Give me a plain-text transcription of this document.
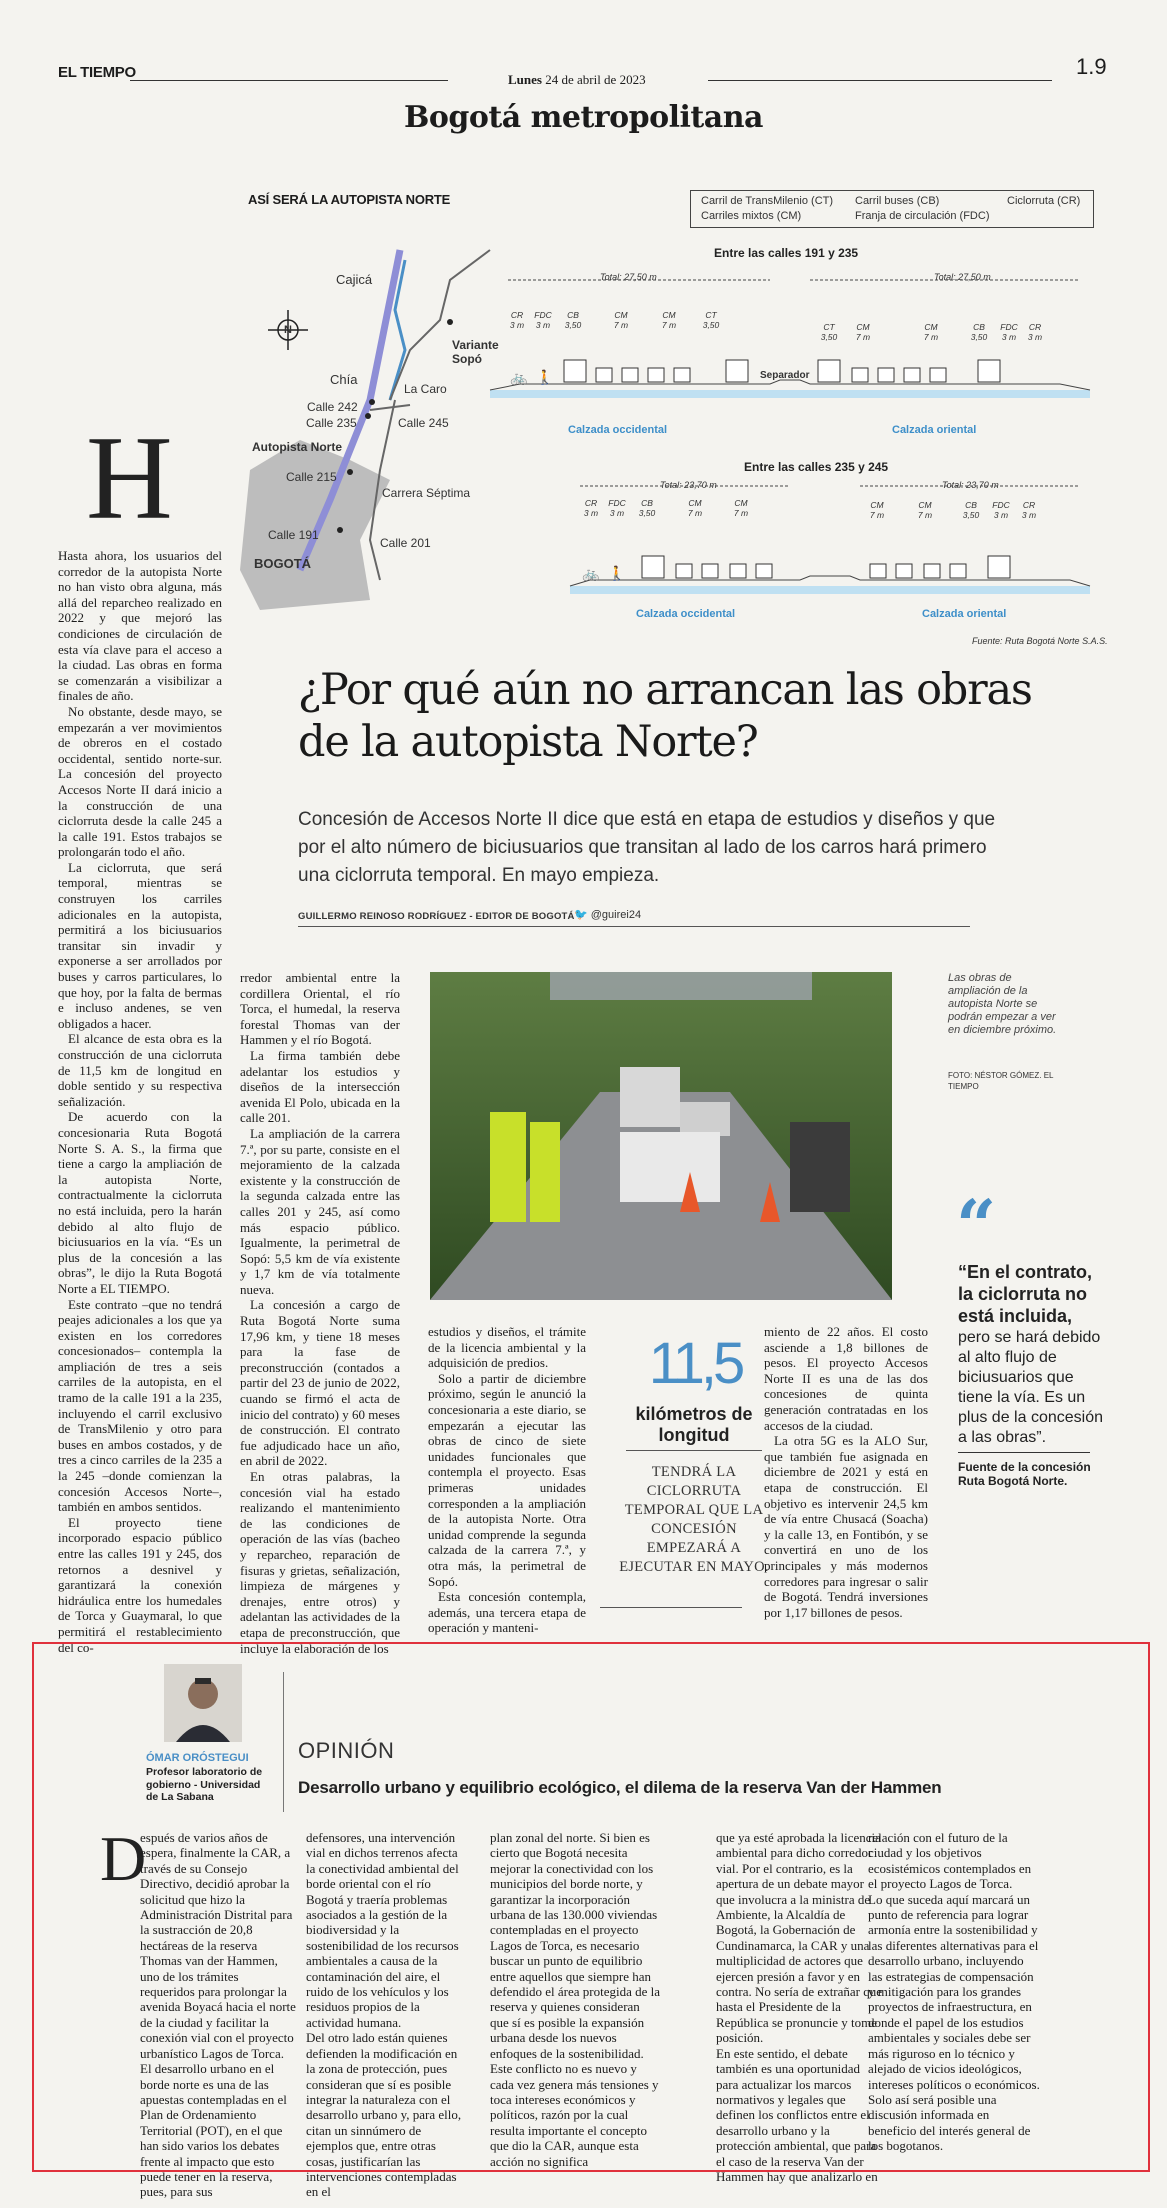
EL TIEMPO	Lunes 24 de abril de 2023
1.9
Bogotá metropolitana
ASÍ SERÁ LA AUTOPISTA NORTE	Carril de TransMilenio (CT)
Carriles mixtos (CM)
Carril buses (CB)
Franja de circulación (FDC)
Ciclorruta (CR)
N
Cajicá
Variante
Sopó
Chía
La Caro
Calle 242
Calle 235	Calle 245
Autopista Norte
Calle 215
Carrera Séptima
Calle 191
Calle 201
BOGOTÁ
Entre las calles 191 y 235
Total: 27,50 m	Total: 27,50 m
🚲 🚶
CR
3 m
FDC
3 m
CB
3,50
CM
7 m
CM
7 m
CT
3,50	CT
3,50
CM
7 m
CM
7 m
CB
3,50
FDC
3 m
CR
3 m
Separador
Calzada occidental	Calzada oriental
Entre las calles 235 y 245
Total: 23,70 m	Total: 23,70 m
🚲 🚶
CR
3 m
FDC
3 m
CB
3,50
CM
7 m
CM
7 m
CM
7 m
CM
7 m
CB
3,50
FDC
3 m
CR
3 m
Calzada occidental	Calzada oriental
Fuente: Ruta Bogotá Norte S.A.S.
H
¿Por qué aún no arrancan las obras de la autopista Norte?
Concesión de Accesos Norte II dice que está en etapa de estudios y diseños y que por el alto número de biciusuarios que transitan al lado de los carros hará primero una ciclorruta temporal. En mayo empieza.
GUILLERMO REINOSO RODRÍGUEZ - EDITOR DE BOGOTÁ 🐦 @guirei24

Hasta ahora, los usuarios del corredor de la autopista Norte no han visto obra alguna, más allá del reparcheo realizado en 2022 y que mejoró las condiciones de circulación de esta vía clave para el acceso a la ciudad. Las obras en forma se comenzarán a visibilizar a finales de año.

No obstante, desde mayo, se empezarán a ver movimientos de obreros en el costado occidental, sentido norte-sur. La concesión del proyecto Accesos Norte II dará inicio a la construcción de una ciclorruta desde la calle 245 a la calle 191. Estos trabajos se prolongarán todo el año.

La ciclorruta, que será temporal, mientras se construyen los carriles adicionales en la autopista, permitirá a los biciusuarios transitar sin invadir y exponerse a ser arrollados por buses y carros particulares, lo que hoy, por la falta de bermas e incluso andenes, se ven obligados a hacer.

El alcance de esta obra es la construcción de una ciclorruta de 11,5 km de longitud en doble sentido y su respectiva señalización.

De acuerdo con la concesionaria Ruta Bogotá Norte S. A. S., la firma que tiene a cargo la ampliación de la autopista Norte, contractualmente la ciclorruta no está incluida, pero la harán debido al alto flujo de biciusuarios en la vía. “Es un plus de la concesión a las obras”, le dijo la Ruta Bogotá Norte a EL TIEMPO.

Este contrato –que no tendrá peajes adicionales a los que ya existen en los corredores concesionados– contempla la ampliación de tres a seis carriles de la autopista, en el tramo de la calle 191 a la 235, incluyendo el carril exclusivo de TransMilenio y otro para buses en ambos costados, y de tres a cinco carriles de la 235 a la 245 –donde comienzan la concesión Accesos Norte–, también en ambos sentidos.

El proyecto tiene incorporado espacio público entre las calles 191 y 245, dos retornos a desnivel y garantizará la conexión hidráulica entre los humedales de Torca y Guaymaral, lo que permitirá el restablecimiento del co-

rredor ambiental entre la cordillera Oriental, el río Torca, el humedal, la reserva forestal Thomas van der Hammen y el río Bogotá.

La firma también debe adelantar los estudios y diseños de la intersección avenida El Polo, ubicada en la calle 201.

La ampliación de la carrera 7.ª, por su parte, consiste en el mejoramiento de la calzada existente y la construcción de la segunda calzada entre las calles 201 y 245, así como más espacio público. Igualmente, la perimetral de Sopó: 5,5 km de vía existente y 1,7 km de vía totalmente nueva.

La concesión a cargo de Ruta Bogotá Norte suma 17,96 km, y tiene 18 meses para la fase de preconstrucción (contados a partir del 23 de junio de 2022, cuando se firmó el acta de inicio del contrato) y 60 meses de construcción. El contrato fue adjudicado hace un año, en abril de 2022.

En otras palabras, la concesión vial ha estado realizando el mantenimiento de las condiciones de operación de las vías (bacheo y reparcheo, reparación de fisuras y grietas, señalización, limpieza de márgenes y drenajes, entre otros) y adelantan las actividades de la etapa de preconstrucción, que incluye la elaboración de los

estudios y diseños, el trámite de la licencia ambiental y la adquisición de predios.

Solo a partir de diciembre próximo, según le anunció la concesionaria a este diario, se empezarán a ejecutar las obras de cinco de siete unidades funcionales que contempla el proyecto. Esas primeras unidades corresponden a la ampliación de la autopista Norte. Otra unidad comprende la segunda calzada de la carrera 7.ª, y otra más, la perimetral de Sopó.

Esta concesión contempla, además, una tercera etapa de operación y manteni-

miento de 22 años. El costo asciende a 1,8 billones de pesos. El proyecto Accesos Norte II es una de las dos concesiones de quinta generación contratadas en los accesos de la ciudad.

La otra 5G es la ALO Sur, que también fue asignada en diciembre de 2021 y está en etapa de construcción. El objetivo es intervenir 24,5 km de vía entre Chusacá (Soacha) y la calle 13, en Fontibón, y se convertirá en uno de los principales y más modernos corredores para ingresar o salir de Bogotá. Tendrá inversiones por 1,17 billones de pesos.

Las obras de ampliación de la autopista Norte se podrán empezar a ver en diciembre próximo.
FOTO: NÉSTOR GÓMEZ. EL TIEMPO
“
“En el contrato, la ciclorruta no está incluida, pero se hará debido al alto flujo de biciusuarios que tiene la vía. Es un plus de la concesión a las obras”.
Fuente de la concesión Ruta Bogotá Norte.
11,5
kilómetros de longitud
TENDRÁ LA CICLORRUTA TEMPORAL QUE LA CONCESIÓN EMPEZARÁ A EJECUTAR EN MAYO.
ÓMAR ORÓSTEGUI
Profesor laboratorio de gobierno - Universidad de La Sabana
OPINIÓN
Desarrollo urbano y equilibrio ecológico, el dilema de la reserva Van der Hammen
D
espués de varios años de espera, finalmente la CAR, a través de su Consejo Directivo, decidió aprobar la solicitud que hizo la Administración Distrital para la sustracción de 20,8 hectáreas de la reserva Thomas van der Hammen, uno de los trámites requeridos para prolongar la avenida Boyacá hacia el norte de la ciudad y facilitar la conexión vial con el proyecto urbanístico Lagos de Torca.
El desarrollo urbano en el borde norte es una de las apuestas contempladas en el Plan de Ordenamiento Territorial (POT), en el que han sido varios los debates frente al impacto que esto puede tener en la reserva, pues, para sus
defensores, una intervención vial en dichos terrenos afecta la conectividad ambiental del borde oriental con el río Bogotá y traería problemas asociados a la gestión de la biodiversidad y la sostenibilidad de los recursos ambientales a causa de la contaminación del aire, el ruido de los vehículos y los residuos propios de la actividad humana.
Del otro lado están quienes defienden la modificación en la zona de protección, pues consideran que sí es posible integrar la naturaleza con el desarrollo urbano y, para ello, citan un sinnúmero de ejemplos que, entre otras cosas, justificarían las intervenciones contempladas en el
plan zonal del norte. Si bien es cierto que Bogotá necesita mejorar la conectividad con los municipios del borde norte, y garantizar la incorporación urbana de las 130.000 viviendas contempladas en el proyecto Lagos de Torca, es necesario buscar un punto de equilibrio entre aquellos que siempre han defendido el área protegida de la reserva y quienes consideran que sí es posible la expansión urbana desde los nuevos enfoques de la sostenibilidad.
Este conflicto no es nuevo y cada vez genera más tensiones y toca intereses económicos y políticos, razón por la cual resulta importante el concepto que dio la CAR, aunque esta acción no significa
que ya esté aprobada la licencia ambiental para dicho corredor vial. Por el contrario, es la apertura de un debate mayor que involucra a la ministra de Ambiente, la Alcaldía de Bogotá, la Gobernación de Cundinamarca, la CAR y una multiplicidad de actores que ejercen presión a favor y en contra. No sería de extrañar que hasta el Presidente de la República se pronuncie y tome posición.
En este sentido, el debate también es una oportunidad para actualizar los marcos normativos y legales que definen los conflictos entre el desarrollo urbano y la protección ambiental, que para el caso de la reserva Van der Hammen hay que analizarlo en
relación con el futuro de la ciudad y los objetivos ecosistémicos contemplados en el proyecto Lagos de Torca.
Lo que suceda aquí marcará un punto de referencia para lograr armonía entre la sostenibilidad y las diferentes alternativas para el desarrollo urbano, incluyendo las estrategias de compensación y mitigación para los grandes proyectos de infraestructura, en donde el papel de los estudios ambientales y sociales debe ser más riguroso en lo técnico y alejado de vicios ideológicos, intereses políticos o económicos. Solo así será posible una discusión informada en beneficio del interés general de los bogotanos.
